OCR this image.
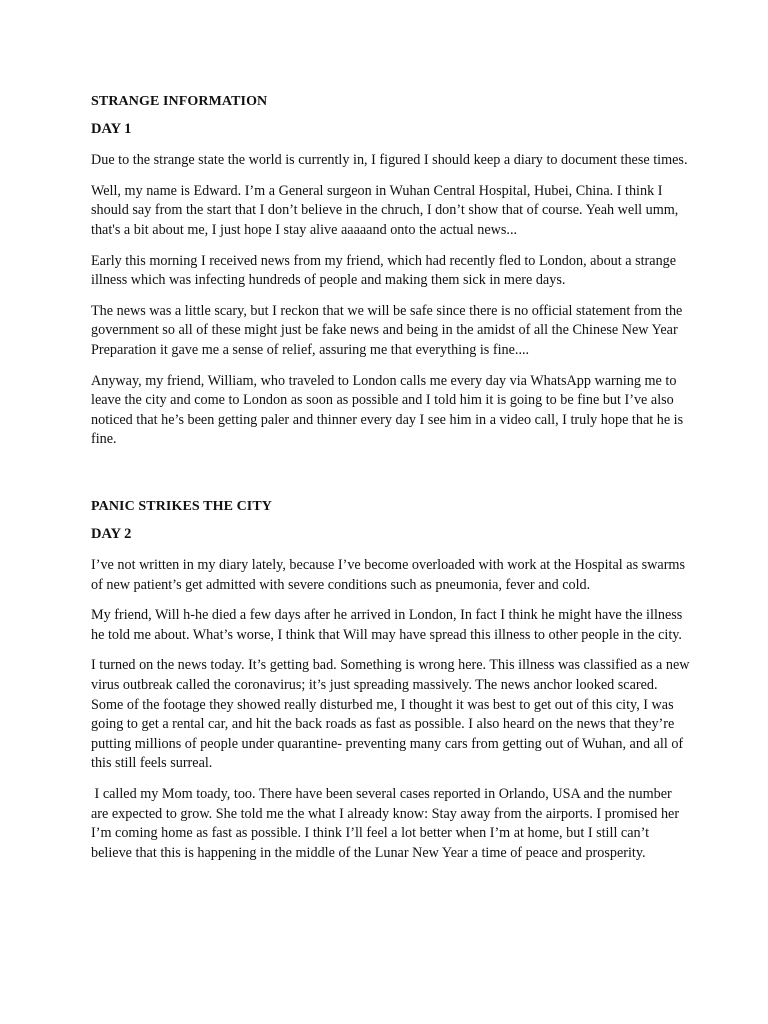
STRANGE INFORMATION
DAY 1

Due to the strange state the world is currently in, I figured I should keep a diary to document these times.

Well, my name is Edward. I’m a General surgeon in Wuhan Central Hospital, Hubei, China. I think I should say from the start that I don’t believe in the chruch, I don’t show that of course. Yeah well umm, that's a bit about me, I just hope I stay alive aaaaand onto the actual news...

Early this morning I received news from my friend, which had recently fled to London, about a strange illness which was infecting hundreds of people and making them sick in mere days.

The news was a little scary, but I reckon that we will be safe since there is no official statement from the government so all of these might just be fake news and being in the amidst of all the Chinese New Year Preparation it gave me a sense of relief, assuring me that everything is fine....

Anyway, my friend, William, who traveled to London calls me every day via WhatsApp warning me to leave the city and come to London as soon as possible and I told him it is going to be fine but I’ve also noticed that he’s been getting paler and thinner every day I see him in a video call, I truly hope that he is fine.

PANIC STRIKES THE CITY
DAY 2

I’ve not written in my diary lately, because I’ve become overloaded with work at the Hospital as swarms of new patient’s get admitted with severe conditions such as pneumonia, fever and cold.

My friend, Will h-he died a few days after he arrived in London, In fact I think he might have the illness he told me about. What’s worse, I think that Will may have spread this illness to other people in the city.

I turned on the news today. It’s getting bad. Something is wrong here. This illness was classified as a new virus outbreak called the coronavirus; it’s just spreading massively. The news anchor looked scared. Some of the footage they showed really disturbed me, I thought it was best to get out of this city, I was going to get a rental car, and hit the back roads as fast as possible. I also heard on the news that they’re putting millions of people under quarantine- preventing many cars from getting out of Wuhan, and all of this still feels surreal.

I called my Mom toady, too. There have been several cases reported in Orlando, USA and the number are expected to grow. She told me the what I already know: Stay away from the airports. I promised her I’m coming home as fast as possible. I think I’ll feel a lot better when I’m at home, but I still can’t believe that this is happening in the middle of the Lunar New Year a time of peace and prosperity.
